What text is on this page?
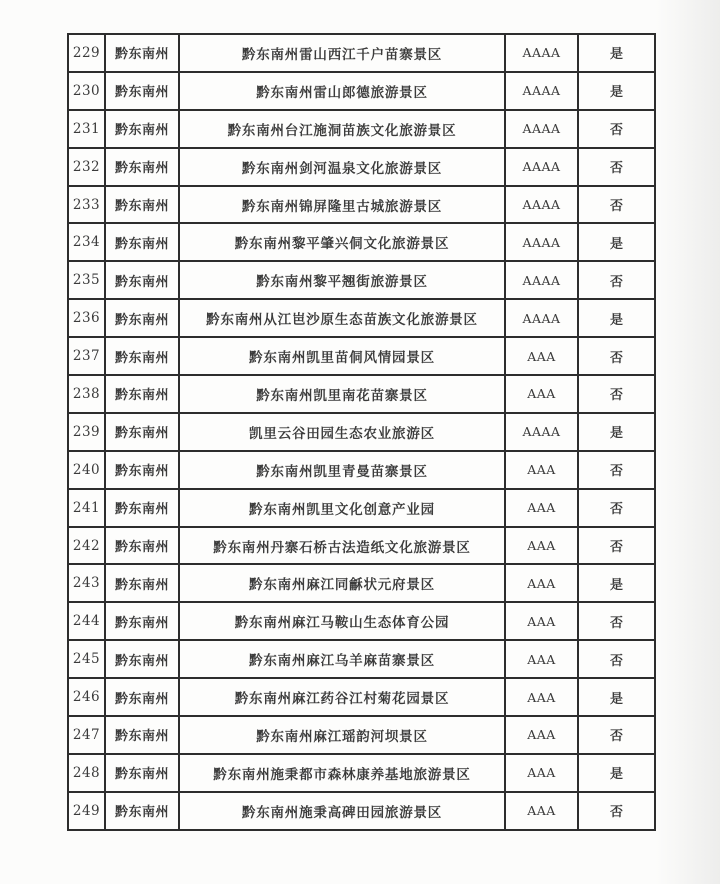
229	黔东南州	黔东南州雷山西江千户苗寨景区	AAAA	是
230	黔东南州	黔东南州雷山郎德旅游景区	AAAA	是
231	黔东南州	黔东南州台江施洞苗族文化旅游景区	AAAA	否
232	黔东南州	黔东南州剑河温泉文化旅游景区	AAAA	否
233	黔东南州	黔东南州锦屏隆里古城旅游景区	AAAA	否
234	黔东南州	黔东南州黎平肇兴侗文化旅游景区	AAAA	是
235	黔东南州	黔东南州黎平翘街旅游景区	AAAA	否
236	黔东南州	黔东南州从江岜沙原生态苗族文化旅游景区	AAAA	是
237	黔东南州	黔东南州凯里苗侗风情园景区	AAA	否
238	黔东南州	黔东南州凯里南花苗寨景区	AAA	否
239	黔东南州	凯里云谷田园生态农业旅游区	AAAA	是
240	黔东南州	黔东南州凯里青曼苗寨景区	AAA	否
241	黔东南州	黔东南州凯里文化创意产业园	AAA	否
242	黔东南州	黔东南州丹寨石桥古法造纸文化旅游景区	AAA	否
243	黔东南州	黔东南州麻江同龢状元府景区	AAA	是
244	黔东南州	黔东南州麻江马鞍山生态体育公园	AAA	否
245	黔东南州	黔东南州麻江乌羊麻苗寨景区	AAA	否
246	黔东南州	黔东南州麻江药谷江村菊花园景区	AAA	是
247	黔东南州	黔东南州麻江瑶韵河坝景区	AAA	否
248	黔东南州	黔东南州施秉都市森林康养基地旅游景区	AAA	是
249	黔东南州	黔东南州施秉高碑田园旅游景区	AAA	否
